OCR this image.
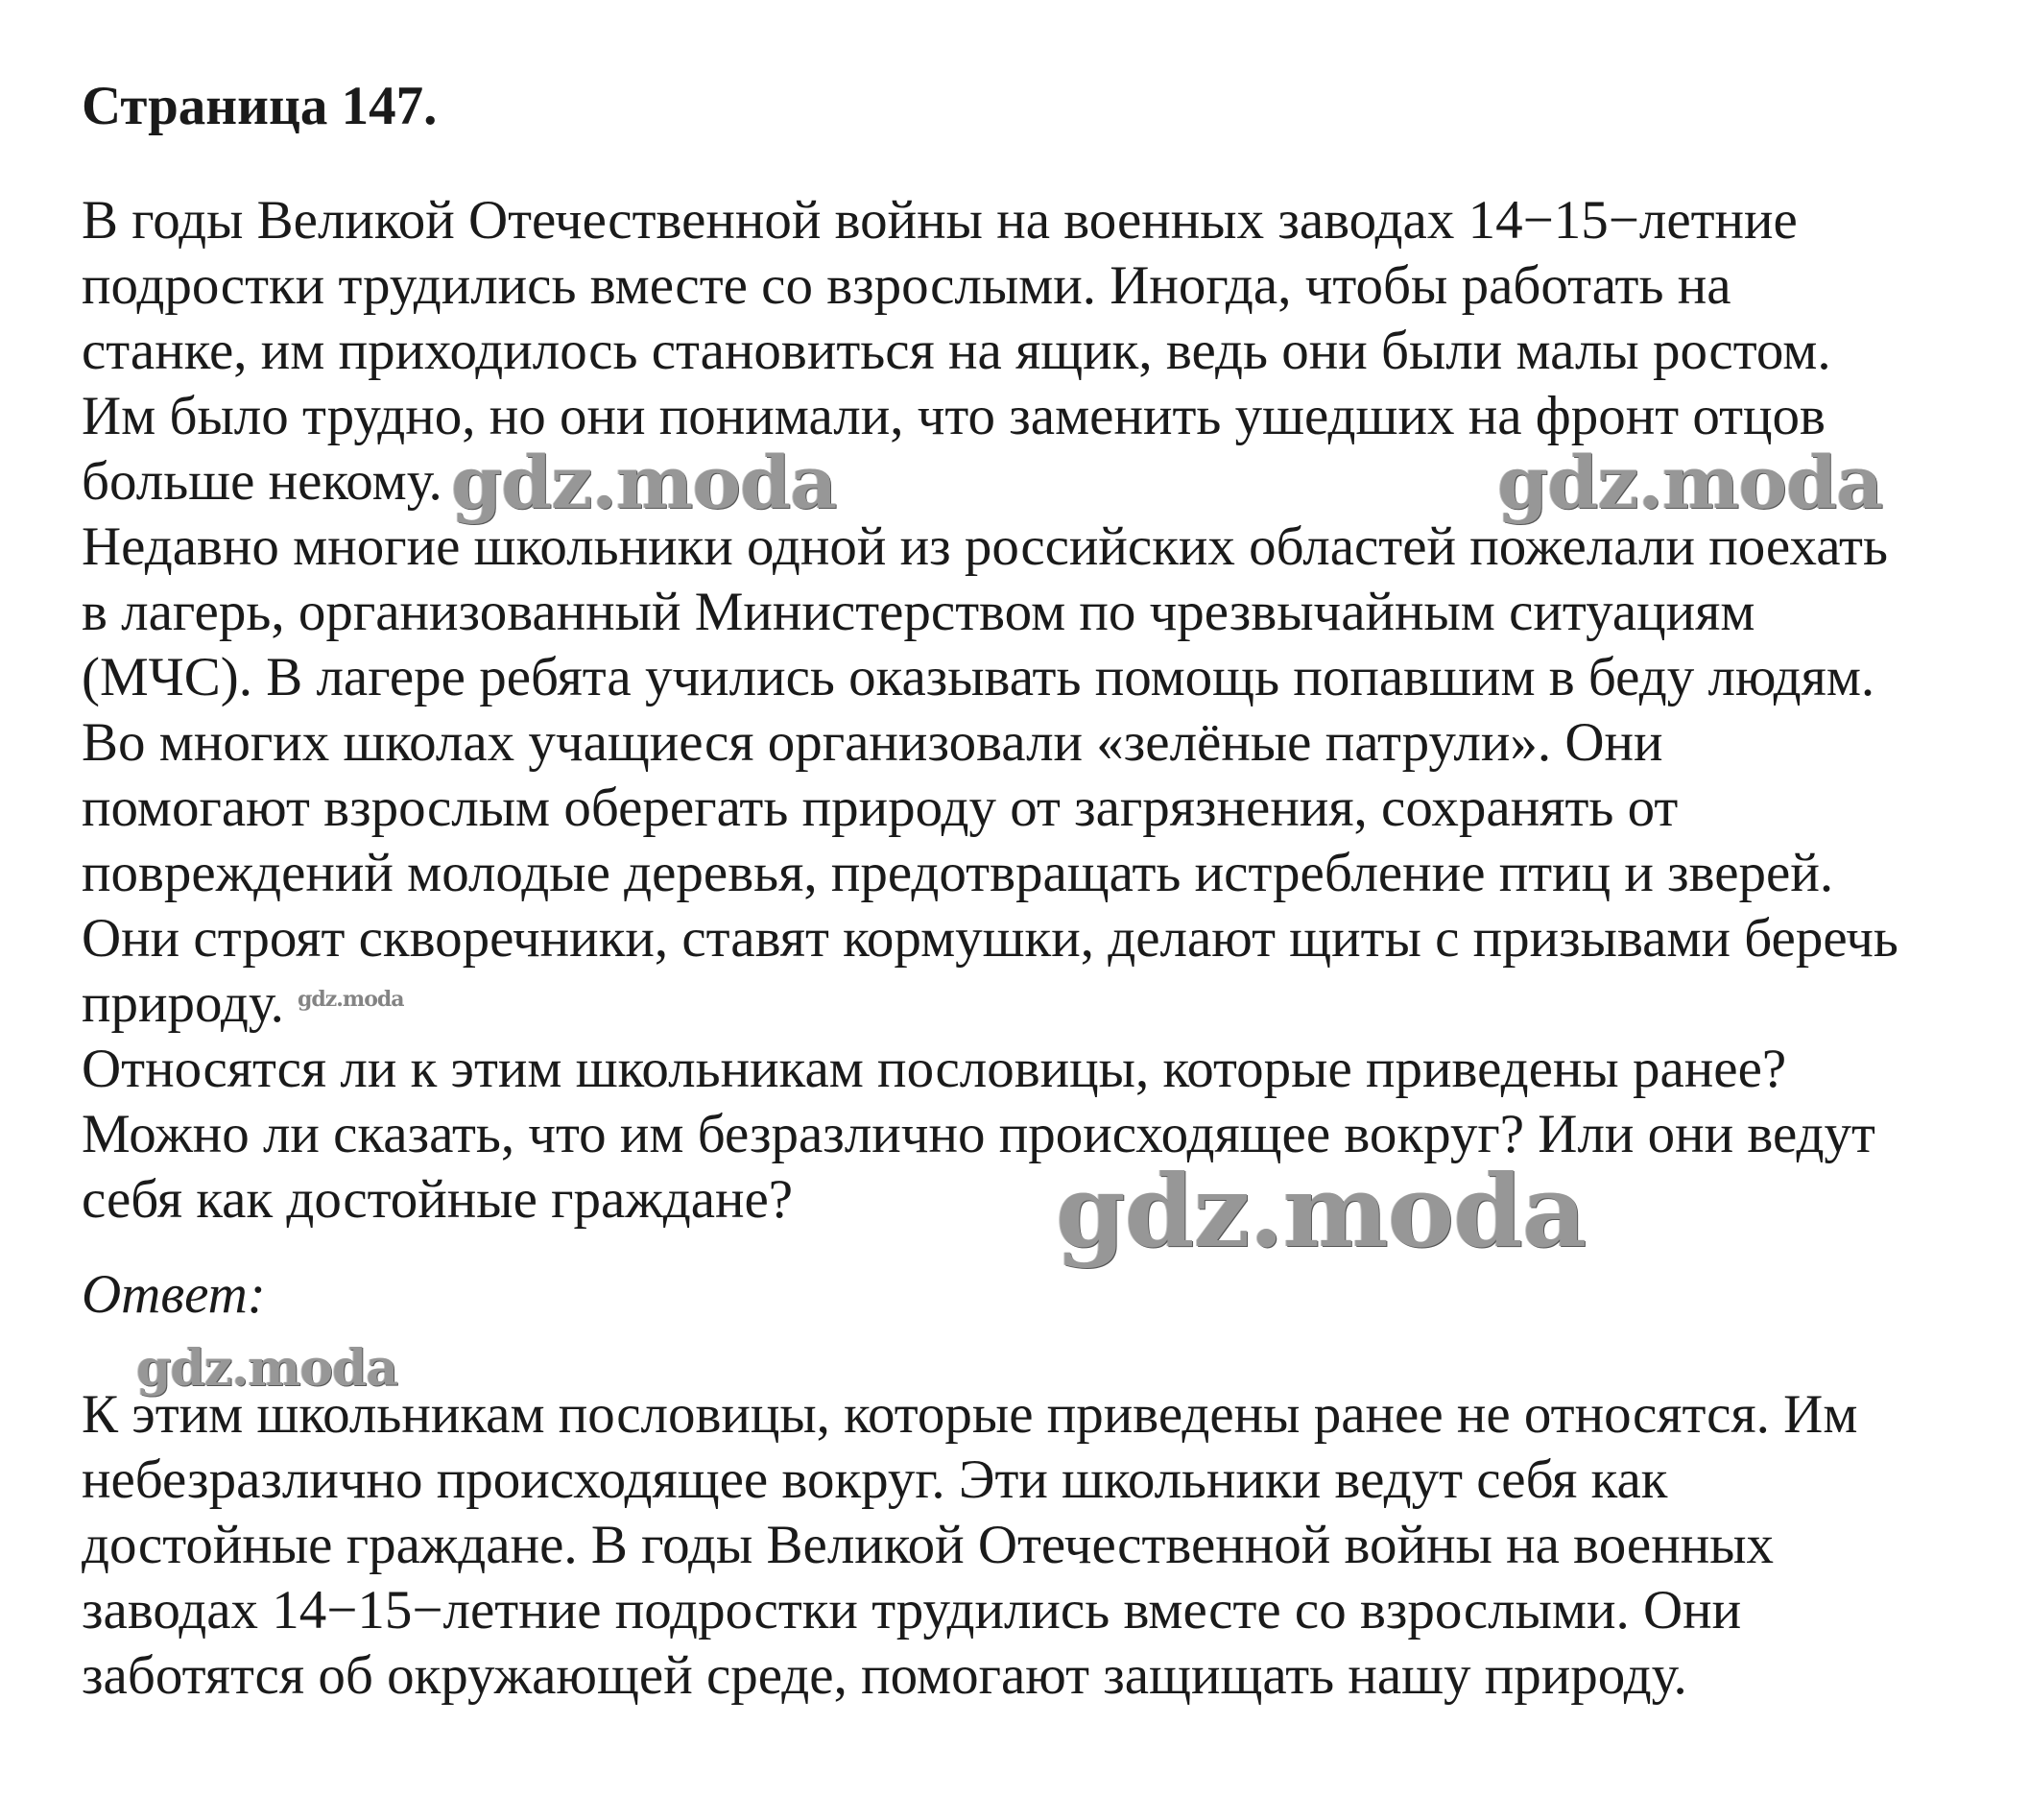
Страница 147.
В годы Великой Отечественной войны на военных заводах 14−15−летние
подростки трудились вместе со взрослыми. Иногда, чтобы работать на
станке, им приходилось становиться на ящик, ведь они были малы ростом.
Им было трудно, но они понимали, что заменить ушедших на фронт отцов
больше некому.
Недавно многие школьники одной из российских областей пожелали поехать
в лагерь, организованный Министерством по чрезвычайным ситуациям
(МЧС). В лагере ребята учились оказывать помощь попавшим в беду людям.
Во многих школах учащиеся организовали «зелёные патрули». Они
помогают взрослым оберегать природу от загрязнения, сохранять от
повреждений молодые деревья, предотвращать истребление птиц и зверей.
Они строят скворечники, ставят кормушки, делают щиты с призывами беречь
природу.
Относятся ли к этим школьникам пословицы, которые приведены ранее?
Можно ли сказать, что им безразлично происходящее вокруг? Или они ведут
себя как достойные граждане?
Ответ:
К этим школьникам пословицы, которые приведены ранее не относятся. Им
небезразлично происходящее вокруг. Эти школьники ведут себя как
достойные граждане. В годы Великой Отечественной войны на военных
заводах 14−15−летние подростки трудились вместе со взрослыми. Они
заботятся об окружающей среде, помогают защищать нашу природу.
gdz.moda	gdz.moda
gdz.moda
gdz.moda
gdz.moda
